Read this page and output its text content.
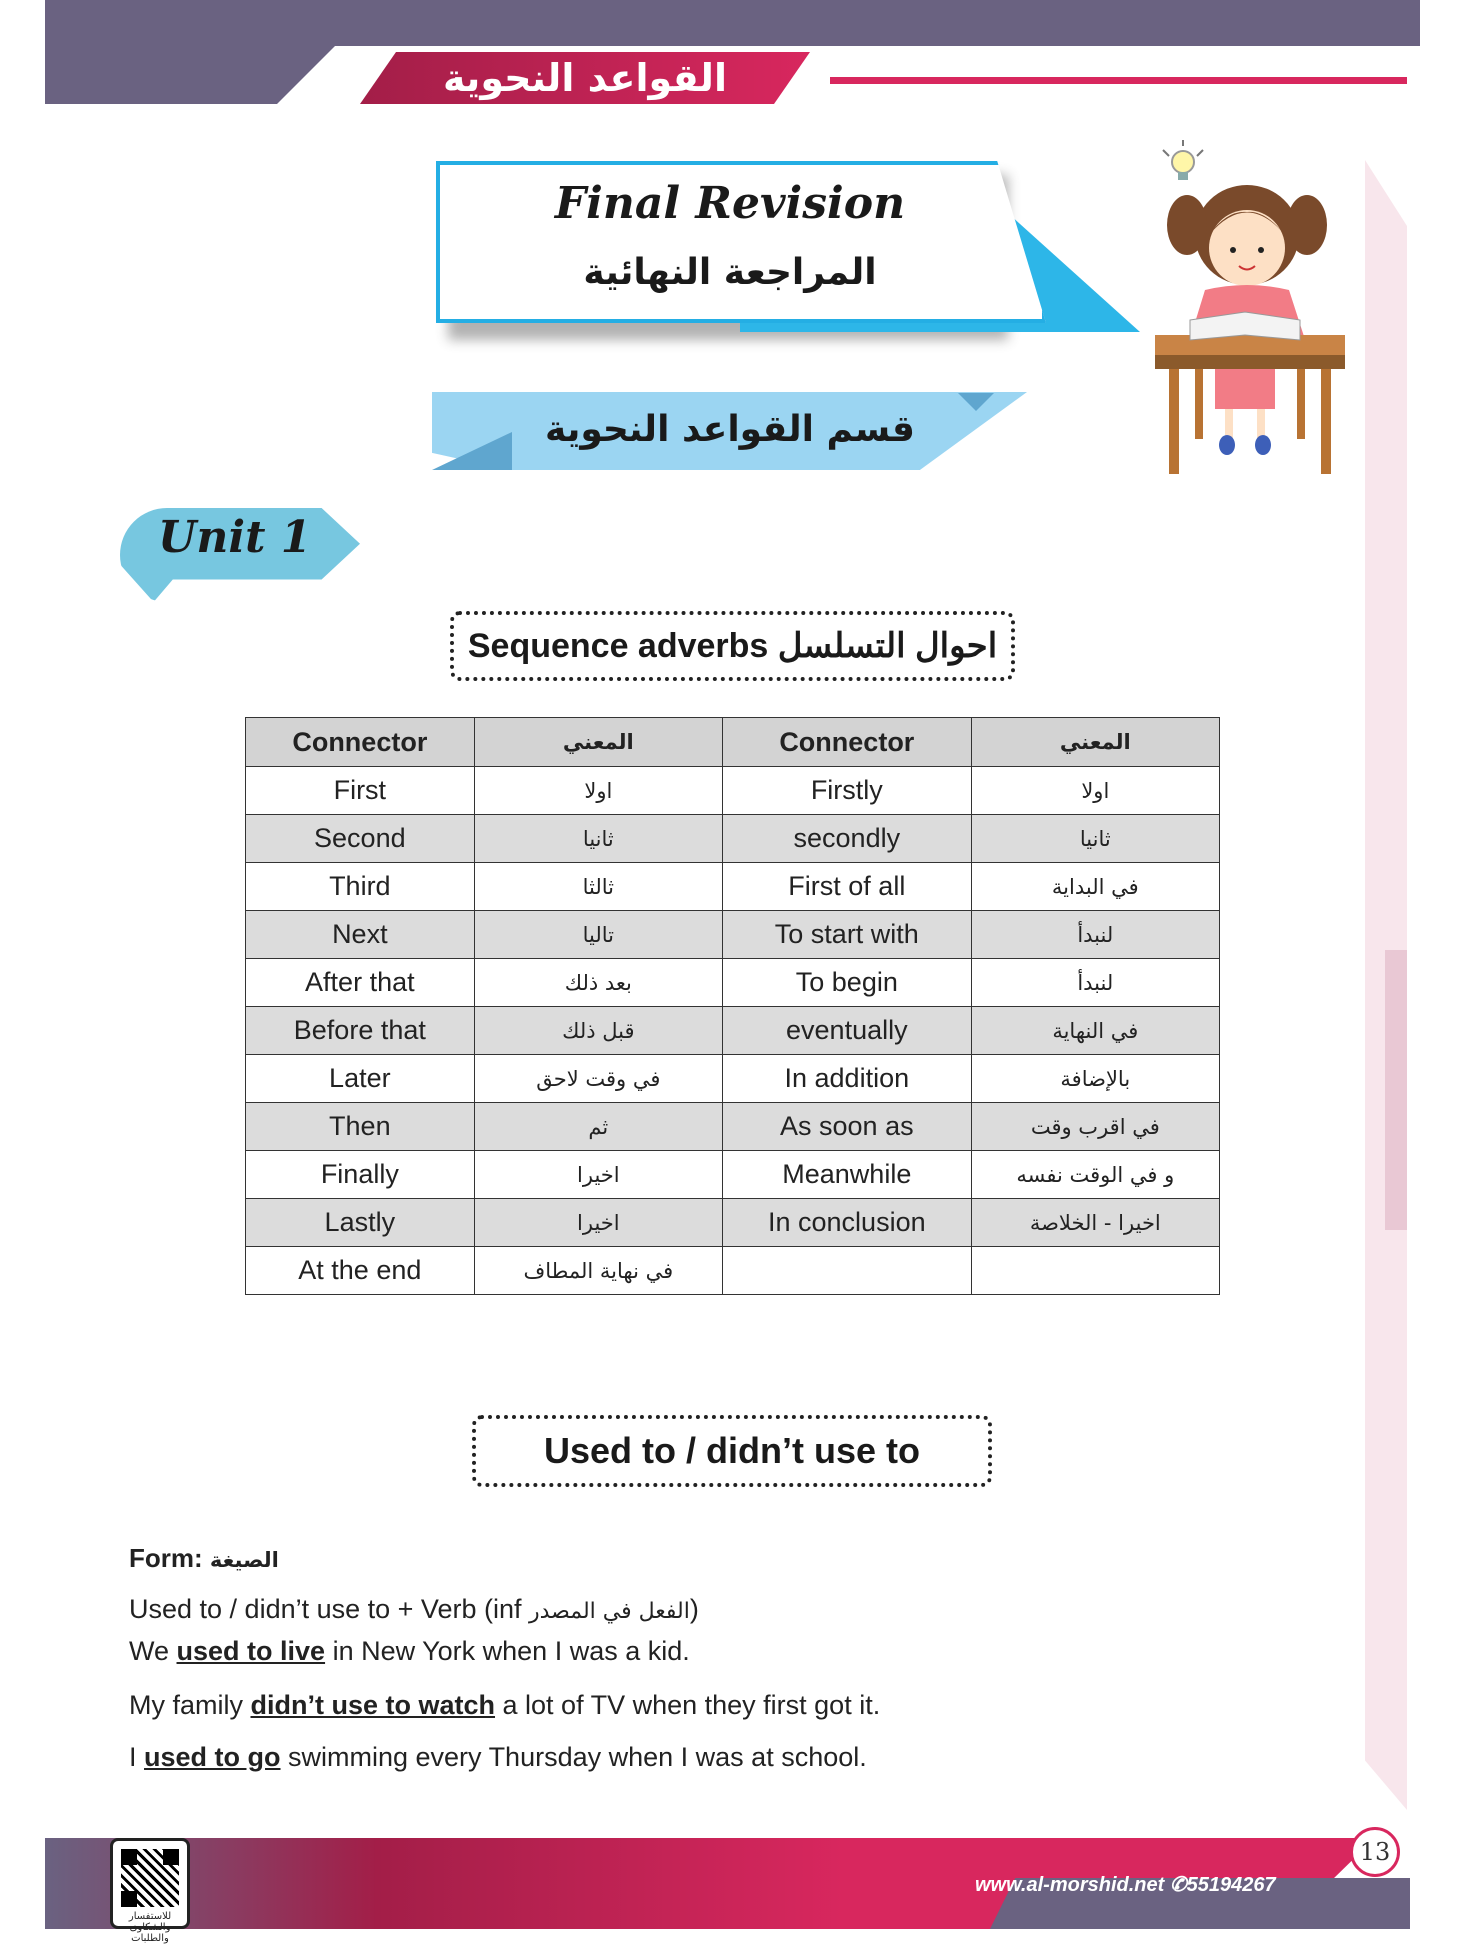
القواعد النحوية
Final Revision
المراجعة النهائية
قسم القواعد النحوية
Unit 1
Sequence adverbs احوال التسلسل
Connector	المعني	Connector	المعني
First	اولا	Firstly	اولا
Second	ثانيا	secondly	ثانيا
Third	ثالثا	First of all	في البداية
Next	تاليا	To start with	لنبدأ
After that	بعد ذلك	To begin	لنبدأ
Before that	قبل ذلك	eventually	في النهاية
Later	في وقت لاحق	In addition	بالإضافة
Then	ثم	As soon as	في اقرب وقت
Finally	اخيرا	Meanwhile	و في الوقت نفسه
Lastly	اخيرا	In conclusion	اخيرا - الخلاصة
At the end	في نهاية المطاف		
Used to / didn’t use to
Form: الصيغة
Used to / didn’t use to + Verb (inf الفعل في المصدر)
We used to live in New York when I was a kid.
My family didn’t use to watch a lot of TV when they first got it.
I used to go swimming every Thursday when I was at school.
www.al-morshid.net ✆55194267
13
للاستفسار والشكاوى والطلبات
